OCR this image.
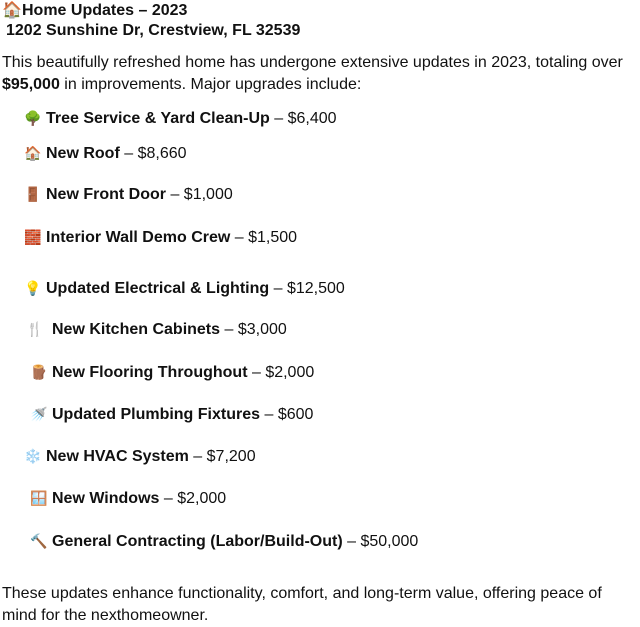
🏠Home Updates – 2023
1202 Sunshine Dr, Crestview, FL 32539
This beautifully refreshed home has undergone extensive updates in 2023, totaling over $95,000 in improvements. Major upgrades include:
🌳 Tree Service & Yard Clean-Up – $6,400
🏠 New Roof – $8,660
🚪 New Front Door – $1,000
🧱 Interior Wall Demo Crew – $1,500
💡 Updated Electrical & Lighting – $12,500
🍴 New Kitchen Cabinets – $3,000
🪵 New Flooring Throughout – $2,000
🚿 Updated Plumbing Fixtures – $600
❄️ New HVAC System – $7,200
🪟 New Windows – $2,000
🔨 General Contracting (Labor/Build-Out) – $50,000
These updates enhance functionality, comfort, and long-term value, offering peace of mind for the nexthomeowner.
